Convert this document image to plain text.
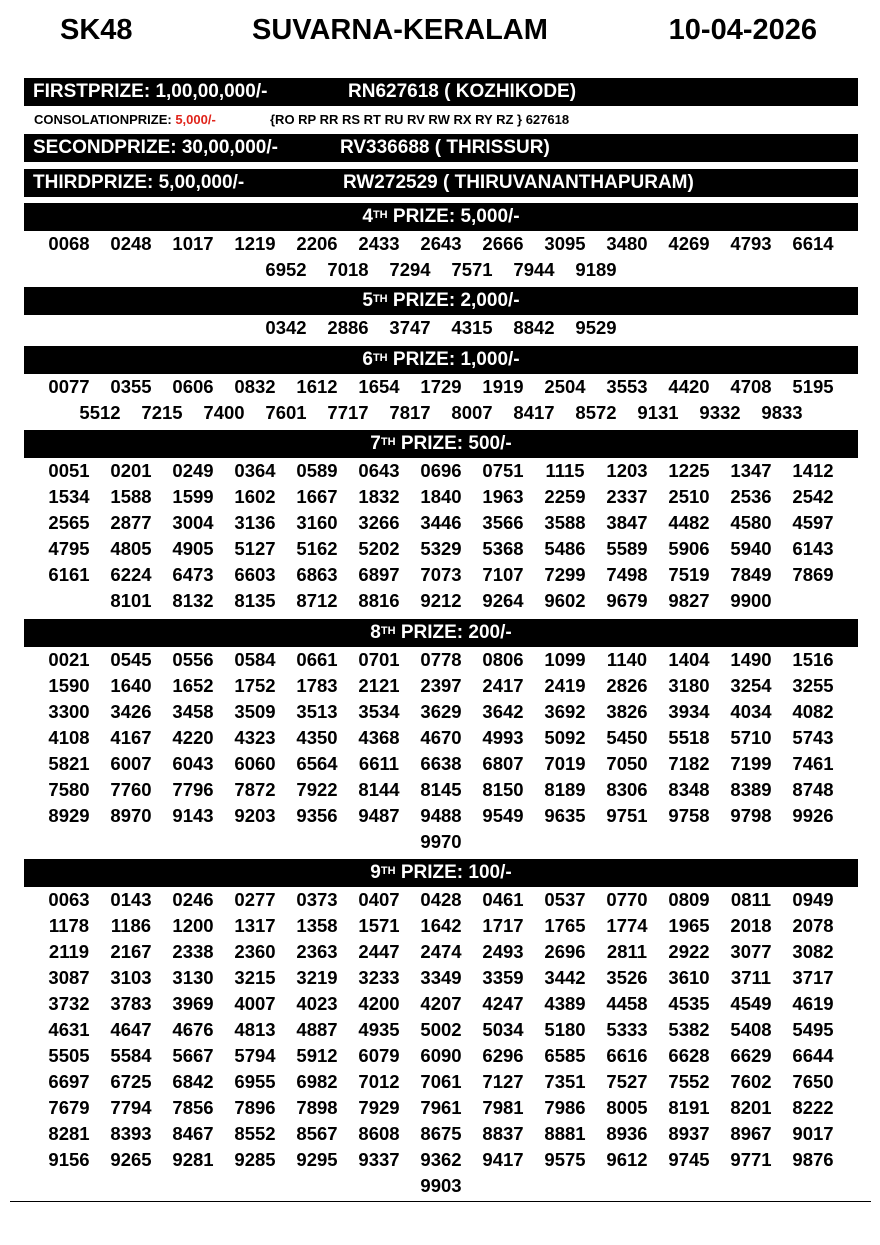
SK48	SUVARNA-KERALAM	10-04-2026
FIRSTPRIZE: 1,00,00,000/-	RN627618 ( KOZHIKODE)
CONSOLATIONPRIZE: 5,000/-	{RO RP RR RS RT RU RV RW RX RY RZ } 627618
SECONDPRIZE: 30,00,000/-	RV336688 ( THRISSUR)
THIRDPRIZE: 5,00,000/-	RW272529 ( THIRUVANANTHAPURAM)
4TH PRIZE: 5,000/-
0068	0248	1017	1219	2206	2433	2643	2666	3095	3480	4269	4793	6614
6952	7018	7294	7571	7944	9189
5TH PRIZE: 2,000/-
0342	2886	3747	4315	8842	9529
6TH PRIZE: 1,000/-
0077	0355	0606	0832	1612	1654	1729	1919	2504	3553	4420	4708	5195
5512	7215	7400	7601	7717	7817	8007	8417	8572	9131	9332	9833
7TH PRIZE: 500/-
0051	0201	0249	0364	0589	0643	0696	0751	1115	1203	1225	1347	1412
1534	1588	1599	1602	1667	1832	1840	1963	2259	2337	2510	2536	2542
2565	2877	3004	3136	3160	3266	3446	3566	3588	3847	4482	4580	4597
4795	4805	4905	5127	5162	5202	5329	5368	5486	5589	5906	5940	6143
6161	6224	6473	6603	6863	6897	7073	7107	7299	7498	7519	7849	7869
8101	8132	8135	8712	8816	9212	9264	9602	9679	9827	9900
8TH PRIZE: 200/-
0021	0545	0556	0584	0661	0701	0778	0806	1099	1140	1404	1490	1516
1590	1640	1652	1752	1783	2121	2397	2417	2419	2826	3180	3254	3255
3300	3426	3458	3509	3513	3534	3629	3642	3692	3826	3934	4034	4082
4108	4167	4220	4323	4350	4368	4670	4993	5092	5450	5518	5710	5743
5821	6007	6043	6060	6564	6611	6638	6807	7019	7050	7182	7199	7461
7580	7760	7796	7872	7922	8144	8145	8150	8189	8306	8348	8389	8748
8929	8970	9143	9203	9356	9487	9488	9549	9635	9751	9758	9798	9926
9970
9TH PRIZE: 100/-
0063	0143	0246	0277	0373	0407	0428	0461	0537	0770	0809	0811	0949
1178	1186	1200	1317	1358	1571	1642	1717	1765	1774	1965	2018	2078
2119	2167	2338	2360	2363	2447	2474	2493	2696	2811	2922	3077	3082
3087	3103	3130	3215	3219	3233	3349	3359	3442	3526	3610	3711	3717
3732	3783	3969	4007	4023	4200	4207	4247	4389	4458	4535	4549	4619
4631	4647	4676	4813	4887	4935	5002	5034	5180	5333	5382	5408	5495
5505	5584	5667	5794	5912	6079	6090	6296	6585	6616	6628	6629	6644
6697	6725	6842	6955	6982	7012	7061	7127	7351	7527	7552	7602	7650
7679	7794	7856	7896	7898	7929	7961	7981	7986	8005	8191	8201	8222
8281	8393	8467	8552	8567	8608	8675	8837	8881	8936	8937	8967	9017
9156	9265	9281	9285	9295	9337	9362	9417	9575	9612	9745	9771	9876
9903
